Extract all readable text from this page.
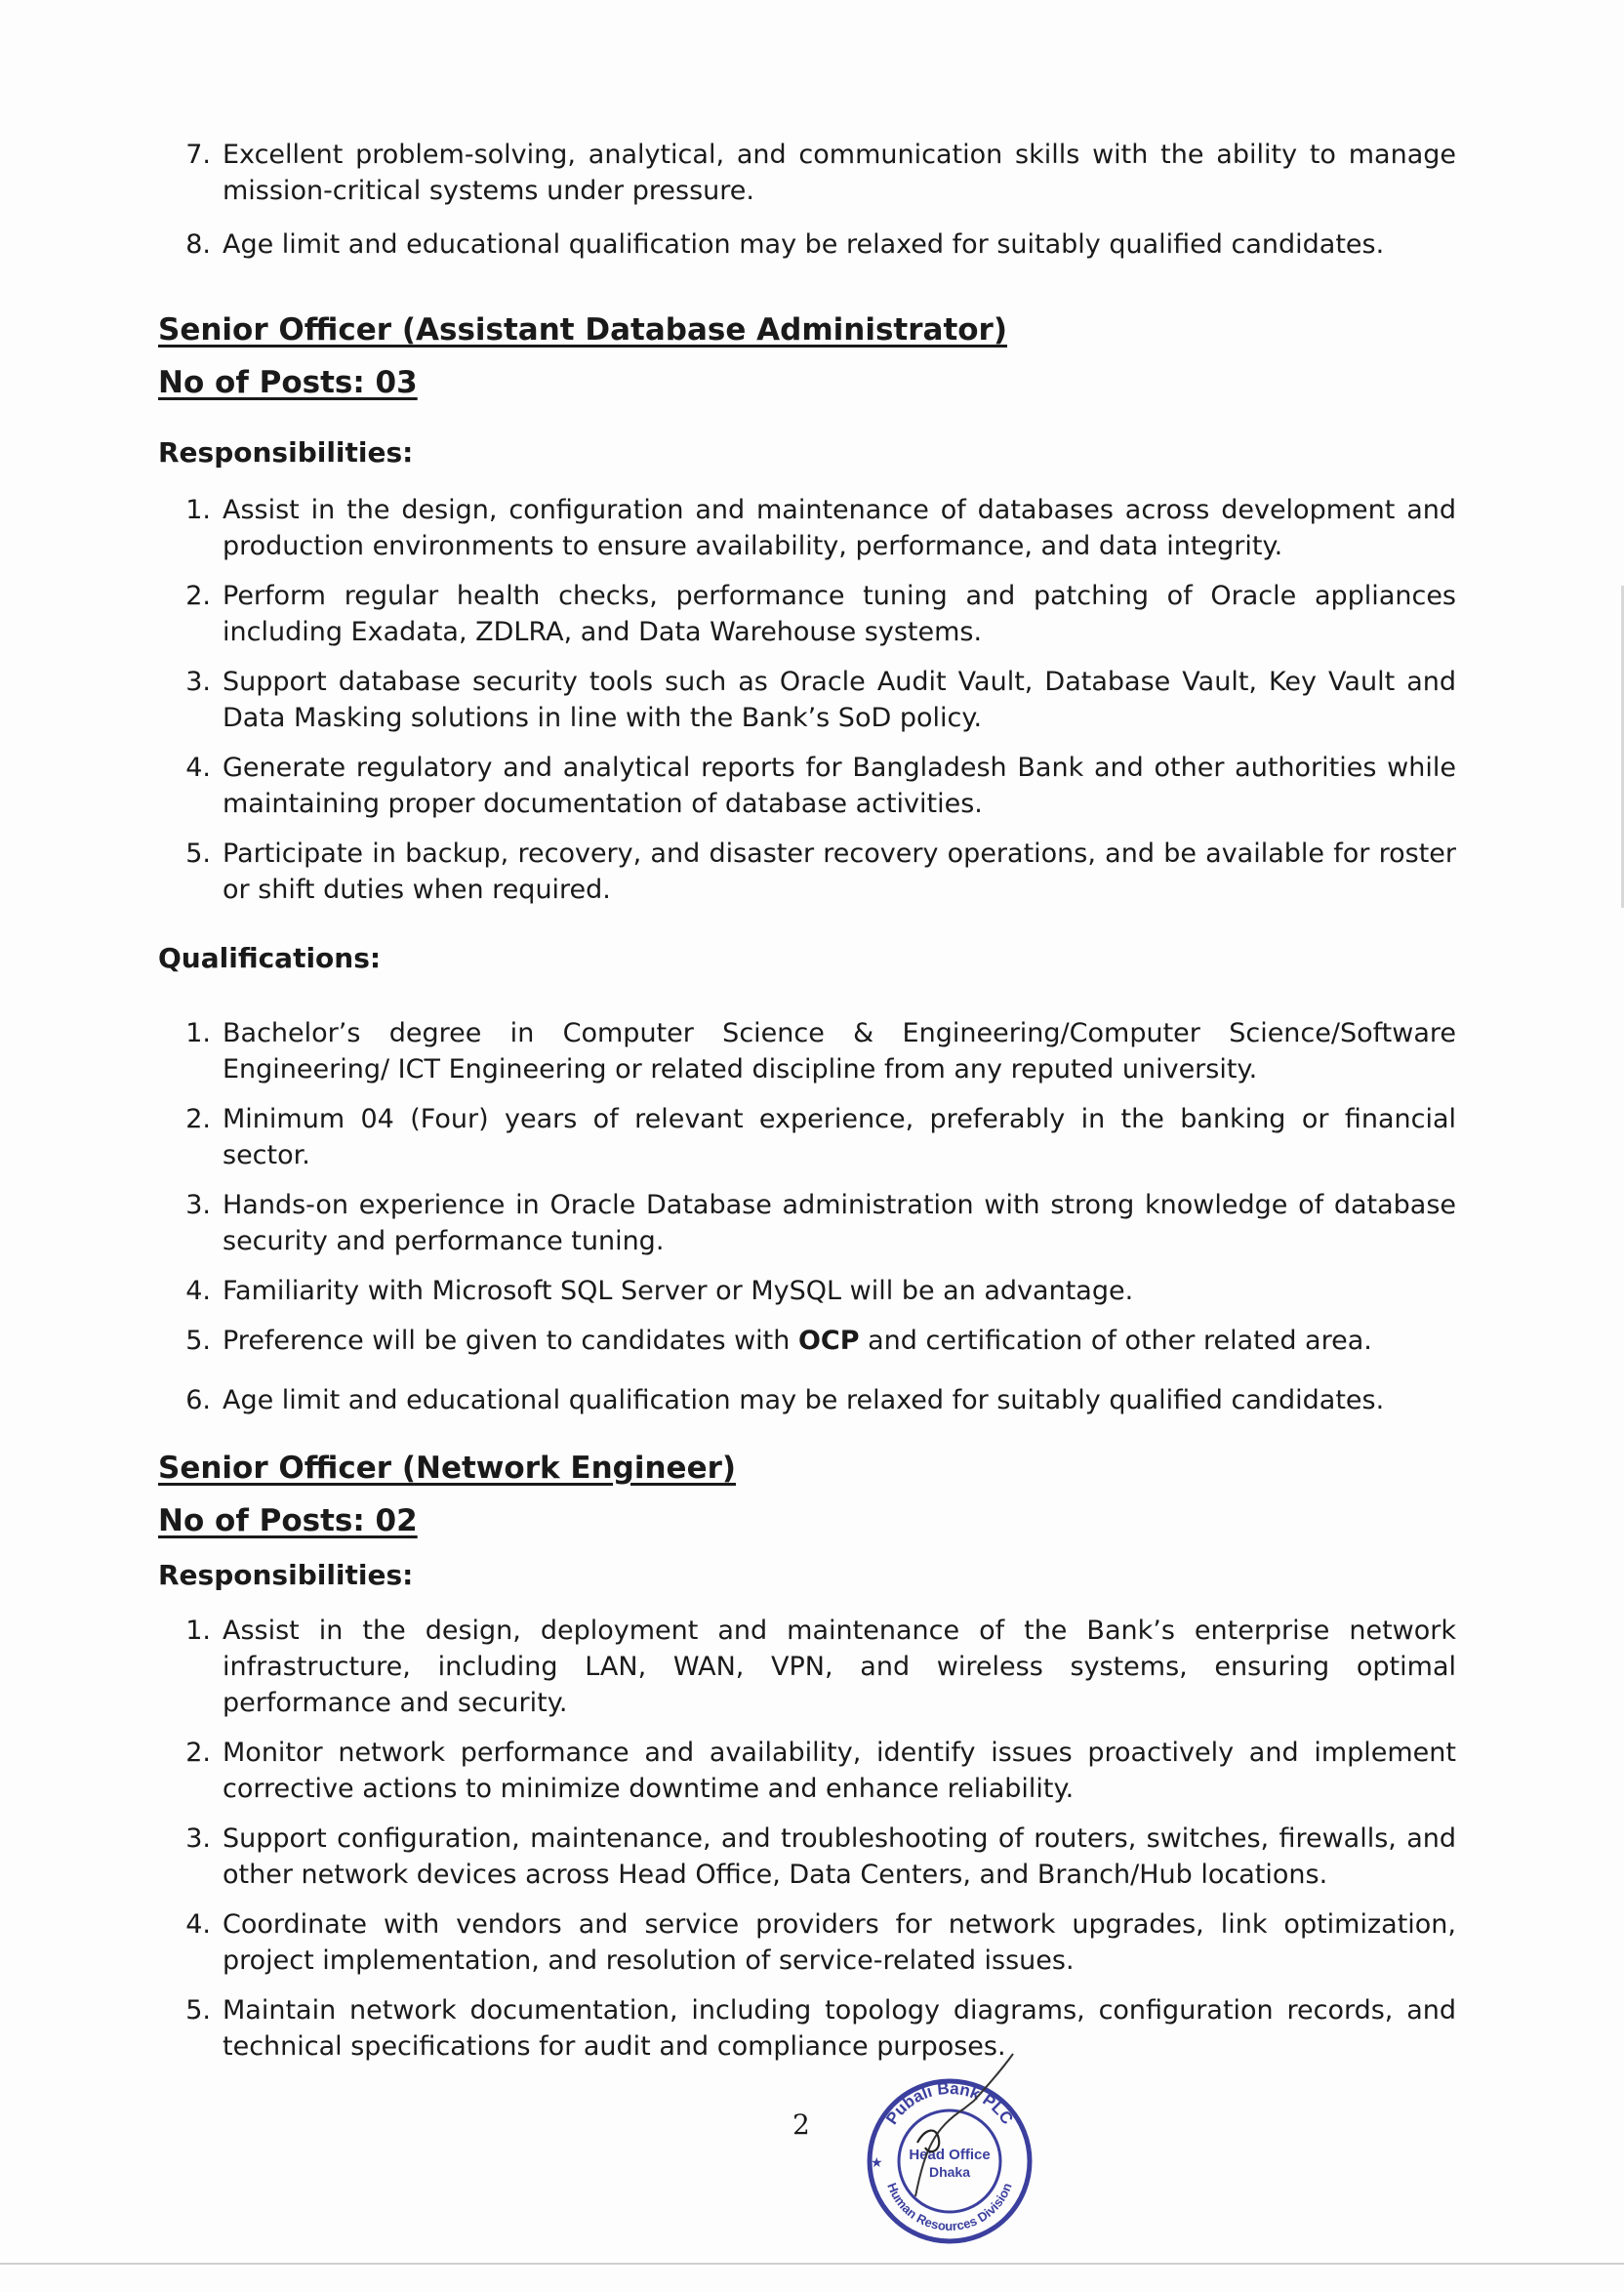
7. Excellent problem-solving, analytical, and communication skills with the ability to manage mission-critical systems under pressure.
8. Age limit and educational qualification may be relaxed for suitably qualified candidates.
Senior Officer (Assistant Database Administrator)
No of Posts: 03

Responsibilities:

1. Assist in the design, configuration and maintenance of databases across development and production environments to ensure availability, performance, and data integrity.
2. Perform regular health checks, performance tuning and patching of Oracle appliances including Exadata, ZDLRA, and Data Warehouse systems.
3. Support database security tools such as Oracle Audit Vault, Database Vault, Key Vault and Data Masking solutions in line with the Bank’s SoD policy.
4. Generate regulatory and analytical reports for Bangladesh Bank and other authorities while maintaining proper documentation of database activities.
5. Participate in backup, recovery, and disaster recovery operations, and be available for roster or shift duties when required.

Qualifications:

1. Bachelor’s degree in Computer Science & Engineering/Computer Science/Software Engineering/ ICT Engineering or related discipline from any reputed university.
2. Minimum 04 (Four) years of relevant experience, preferably in the banking or financial sector.
3. Hands-on experience in Oracle Database administration with strong knowledge of database security and performance tuning.
4. Familiarity with Microsoft SQL Server or MySQL will be an advantage.
5. Preference will be given to candidates with OCP and certification of other related area.
6. Age limit and educational qualification may be relaxed for suitably qualified candidates.
Senior Officer (Network Engineer)
No of Posts: 02

Responsibilities:

1. Assist in the design, deployment and maintenance of the Bank’s enterprise network infrastructure, including LAN, WAN, VPN, and wireless systems, ensuring optimal performance and security.
2. Monitor network performance and availability, identify issues proactively and implement corrective actions to minimize downtime and enhance reliability.
3. Support configuration, maintenance, and troubleshooting of routers, switches, firewalls, and other network devices across Head Office, Data Centers, and Branch/Hub locations.
4. Coordinate with vendors and service providers for network upgrades, link optimization, project implementation, and resolution of service-related issues.
5. Maintain network documentation, including topology diagrams, configuration records, and technical specifications for audit and compliance purposes.
2	Pubali Bank PLC
Human Resources Division
Head Office
Dhaka
★
